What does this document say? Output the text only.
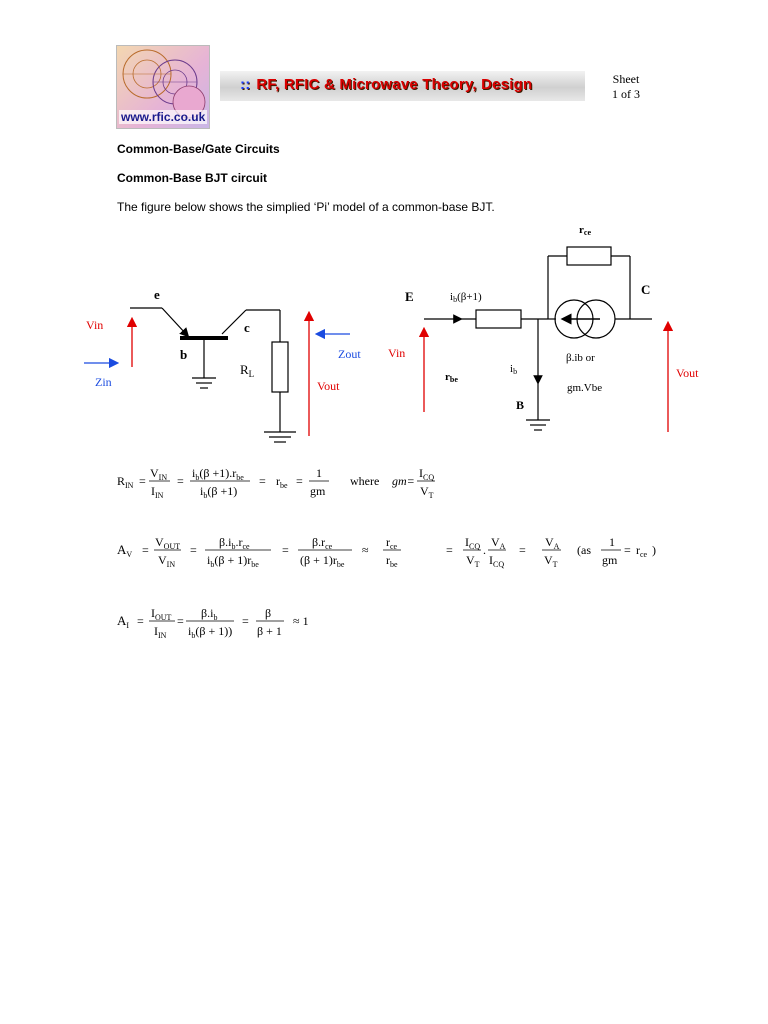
www.rfic.co.uk
:: RF, RFIC & Microwave Theory, Design	Sheet
1 of 3
Common-Base/Gate Circuits
Common-Base BJT circuit
The figure below shows the simplied ‘Pi’ model of a common-base BJT.
Vin
Zin
e
b
c
$R_L$
Zout
Vout
E	ib(β+1)
Vin
rbe
ib
B
rce
C
β.ib or
gm.Vbe
Vout
$R_{IN}$ =
$V_{IN}$
$I_{IN}$
=
$i_b(\beta +1).r_{be}$
$i_b(\beta +1)$
= $r_{be}$ =
1
gm
where gm=
$I_{CQ}$
$V_T$
$A_V$ =
$V_{OUT}$
$V_{IN}$
=
$\beta.i_b.r_{ce}$
$i_b(\beta + 1)r_{be}$
=
$\beta.r_{ce}$
$(\beta + 1)r_{be}$
≈
$r_{ce}$
$r_{be}$
=
$I_{CQ}$
$V_T$
.
$V_A$
$I_{CQ}$
=
$V_A$
$V_T$
(as
1
gm
= $r_{ce}$ )
$A_I$ =
$I_{OUT}$
$I_{IN}$
=
$\beta.i_b$
$i_b(\beta + 1)$)
=
β
β + 1
≈ 1
